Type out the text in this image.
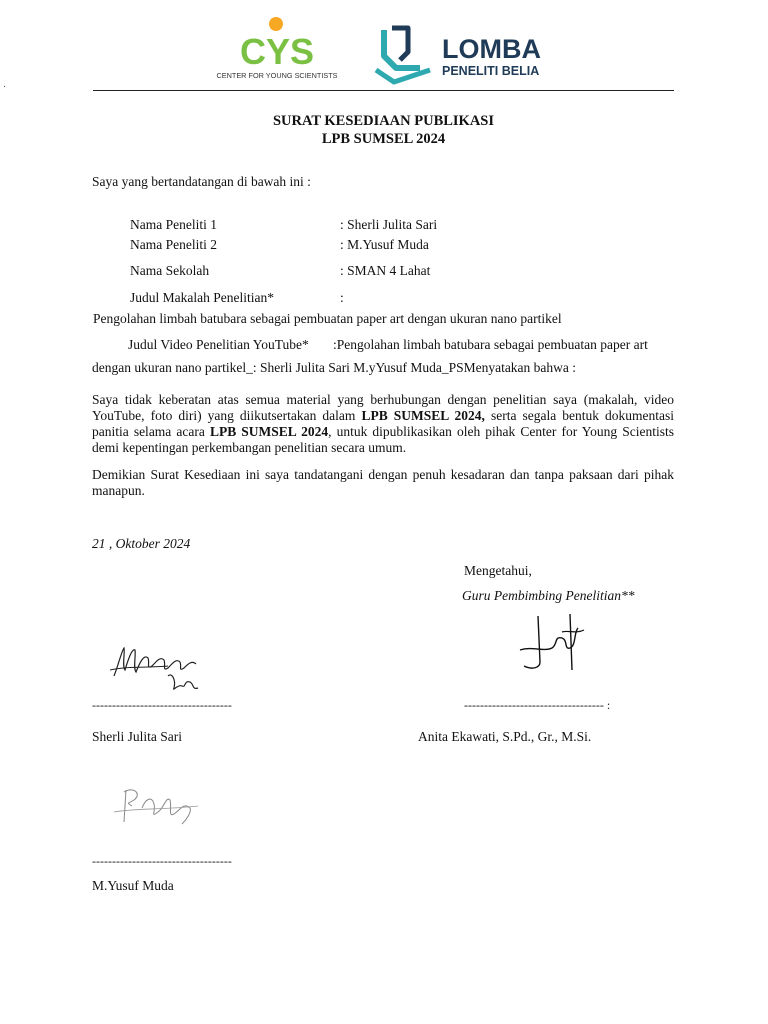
.
CYS
CENTER FOR YOUNG SCIENTISTS
LOMBA
PENELITI BELIA
SURAT KESEDIAAN PUBLIKASI
LPB SUMSEL 2024
Saya yang bertandatangan di bawah ini :
Nama Peneliti 1	: Sherli Julita Sari
Nama Peneliti 2	: M.Yusuf Muda
Nama Sekolah	: SMAN 4 Lahat
Judul Makalah Penelitian*	:
Pengolahan limbah batubara sebagai pembuatan paper art dengan ukuran nano partikel
Judul Video Penelitian YouTube* :Pengolahan limbah batubara sebagai pembuatan paper art
dengan ukuran nano partikel_: Sherli Julita Sari M.yYusuf Muda_PSMenyatakan bahwa :
Saya tidak keberatan atas semua material yang berhubungan dengan penelitian saya (makalah, video YouTube, foto diri) yang diikutsertakan dalam LPB SUMSEL 2024, serta segala bentuk dokumentasi panitia selama acara LPB SUMSEL 2024, untuk dipublikasikan oleh pihak Center for Young Scientists demi kepentingan perkembangan penelitian secara umum.
Demikian Surat Kesediaan ini saya tandatangani dengan penuh kesadaran dan tanpa paksaan dari pihak manapun.
21 , Oktober 2024
Mengetahui,
Guru Pembimbing Penelitian**
-----------------------------------	----------------------------------- :
Sherli Julita Sari	Anita Ekawati, S.Pd., Gr., M.Si.
-----------------------------------
M.Yusuf Muda
